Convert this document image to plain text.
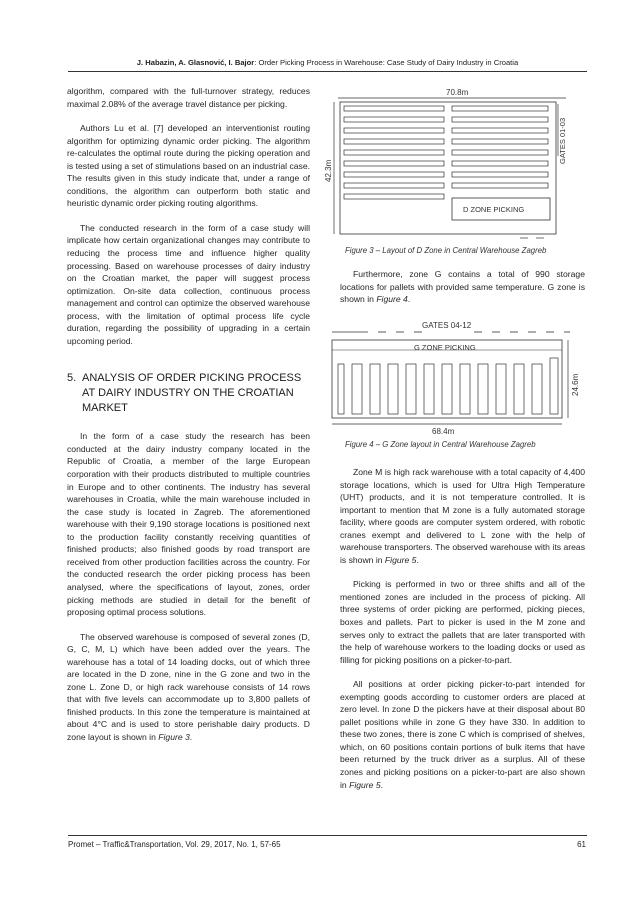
J. Habazin, A. Glasnović, I. Bajor: Order Picking Process in Warehouse: Case Study of Dairy Industry in Croatia

algorithm, compared with the full-turnover strategy, reduces maximal 2.08% of the average travel distance per picking.

Authors Lu et al. [7] developed an interventionist routing algorithm for optimizing dynamic order picking. The algorithm re-calculates the optimal route during the picking operation and is tested using a set of stimulations based on an industrial case. The results given in this study indicate that, under a range of conditions, the algorithm can outperform both static and heuristic dynamic order picking routing algorithms.

The conducted research in the form of a case study will implicate how certain organizational changes may contribute to reducing the process time and influence higher quality processing. Based on warehouse processes of dairy industry on the Croatian market, the paper will suggest process optimization. On-site data collection, continuous process management and control can optimize the observed warehouse process, with the limitation of optimal process life cycle duration, regarding the possibility of upgrading in a certain upcoming period.

5. ANALYSIS OF ORDER PICKING PROCESS
AT DAIRY INDUSTRY ON THE CROATIAN
MARKET

In the form of a case study the research has been conducted at the dairy industry company located in the Republic of Croatia, a member of the large European corporation with their products distributed to multiple countries in Europe and to other continents. The industry has several warehouses in Croatia, while the main warehouse included in the case study is located in Zagreb. The aforementioned warehouse with their 9,190 storage locations is positioned next to the production facility constantly receiving quantities of finished products; also finished goods by road transport are received from other production facilities across the country. For the conducted research the order picking process has been analysed, where the specifications of layout, zones, order picking methods are studied in detail for the benefit of proposing optimal process solutions.

The observed warehouse is composed of several zones (D, G, C, M, L) which have been added over the years. The warehouse has a total of 14 loading docks, out of which three are located in the D zone, nine in the G zone and two in the zone L. Zone D, or high rack warehouse consists of 14 rows that with five levels can accommodate up to 3,800 pallets of finished products. In this zone the temperature is maintained at about 4°C and is used to store perishable dairy products. D zone layout is shown in Figure 3.

70.8m
42.3m
GATES 01-03
D ZONE PICKING
Figure 3 – Layout of D Zone in Central Warehouse Zagreb

Furthermore, zone G contains a total of 990 storage locations for pallets with provided same temperature. G zone is shown in Figure 4.

GATES 04-12
G ZONE PICKING
24.6m
68.4m
Figure 4 – G Zone layout in Central Warehouse Zagreb

Zone M is high rack warehouse with a total capacity of 4,400 storage locations, which is used for Ultra High Temperature (UHT) products, and it is not temperature controlled. It is important to mention that M zone is a fully automated storage facility, where goods are computer system ordered, with robotic cranes exempt and delivered to L zone with the help of warehouse transporters. The observed warehouse with its areas is shown in Figure 5.

Picking is performed in two or three shifts and all of the mentioned zones are included in the process of picking. All three systems of order picking are performed, picking pieces, boxes and pallets. Part to picker is used in the M zone and serves only to extract the pallets that are later transported with the help of warehouse workers to the loading docks or used as filling for picking positions on a picker-to-part.

All positions at order picking picker-to-part intended for exempting goods according to customer orders are placed at zero level. In zone D the pickers have at their disposal about 80 pallet positions while in zone G they have 330. In addition to these two zones, there is zone C which is comprised of shelves, which, on 60 positions contain portions of bulk items that have been returned by the truck driver as a surplus. All of these zones and picking positions on a picker-to-part are also shown in Figure 5.

Promet – Traffic&Transportation, Vol. 29, 2017, No. 1, 57-65	61
